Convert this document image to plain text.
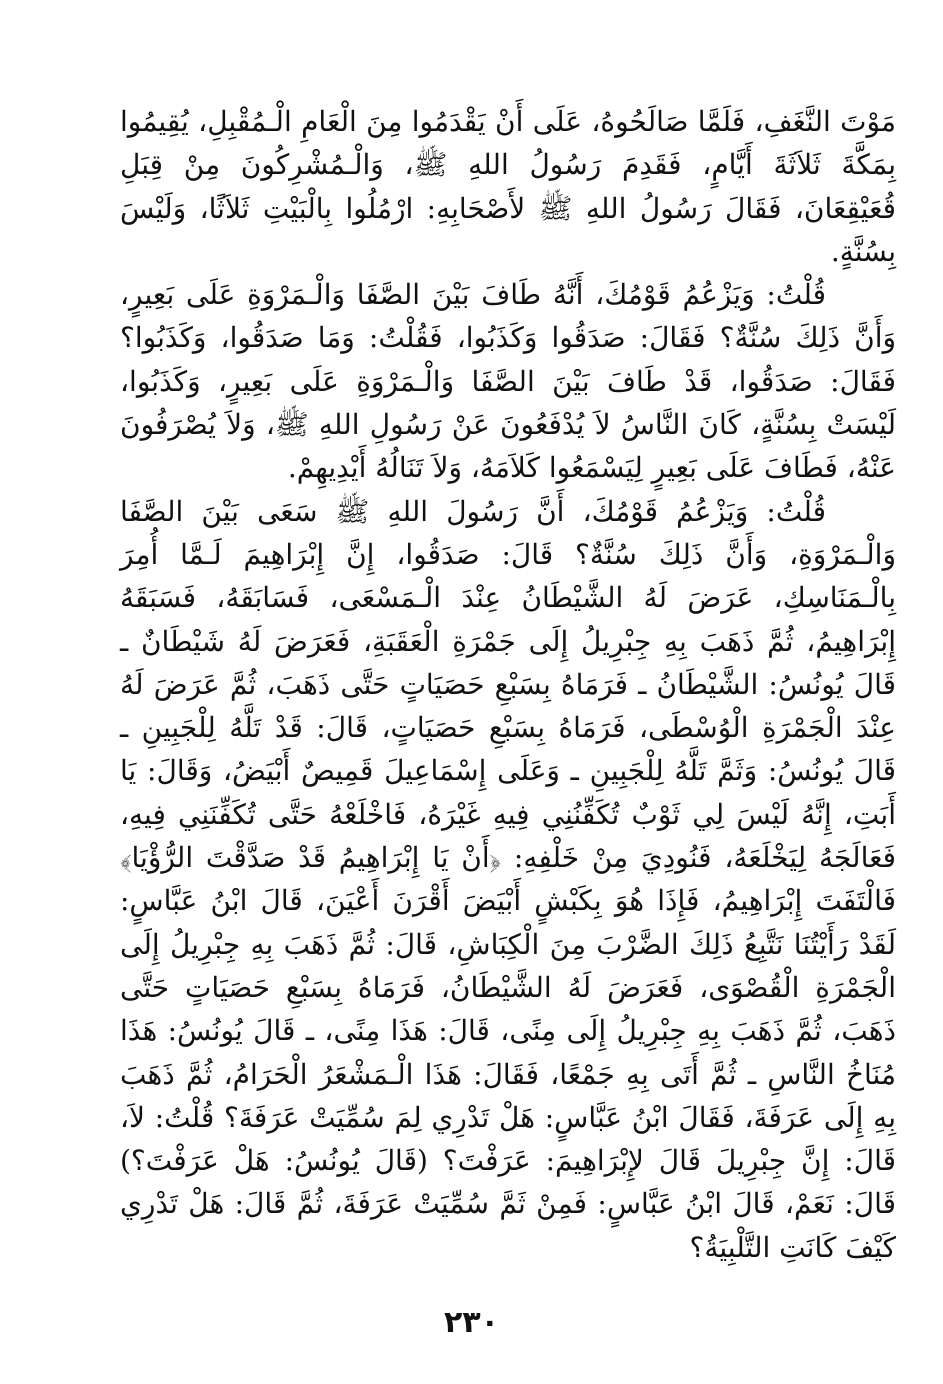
مَوْتَ النَّغَفِ، فَلَمَّا صَالَحُوهُ، عَلَى أَنْ يَقْدَمُوا مِنَ الْعَامِ الْـمُقْبِلِ، يُقِيمُوا بِمَكَّةَ ثَلاَثَةَ أَيَّامٍ، فَقَدِمَ رَسُولُ اللهِ ﷺ، وَالْـمُشْرِكُونَ مِنْ قِبَلِ قُعَيْقِعَانَ، فَقَالَ رَسُولُ اللهِ ﷺ لأَصْحَابِهِ: ارْمُلُوا بِالْبَيْتِ ثَلاَثًا، وَلَيْسَ بِسُنَّةٍ.

قُلْتُ: وَيَزْعُمُ قَوْمُكَ، أَنَّهُ طَافَ بَيْنَ الصَّفَا وَالْـمَرْوَةِ عَلَى بَعِيرٍ، وَأَنَّ ذَلِكَ سُنَّةٌ؟ فَقَالَ: صَدَقُوا وَكَذَبُوا، فَقُلْتُ: وَمَا صَدَقُوا، وَكَذَبُوا؟ فَقَالَ: صَدَقُوا، قَدْ طَافَ بَيْنَ الصَّفَا وَالْـمَرْوَةِ عَلَى بَعِيرٍ، وَكَذَبُوا، لَيْسَتْ بِسُنَّةٍ، كَانَ النَّاسُ لاَ يُدْفَعُونَ عَنْ رَسُولِ اللهِ ﷺ، وَلاَ يُصْرَفُونَ عَنْهُ، فَطَافَ عَلَى بَعِيرٍ لِيَسْمَعُوا كَلاَمَهُ، وَلاَ تَنَالُهُ أَيْدِيهِمْ.

قُلْتُ: وَيَزْعُمُ قَوْمُكَ، أَنَّ رَسُولَ اللهِ ﷺ سَعَى بَيْنَ الصَّفَا وَالْـمَرْوَةِ، وَأَنَّ ذَلِكَ سُنَّةٌ؟ قَالَ: صَدَقُوا، إِنَّ إِبْرَاهِيمَ لَـمَّا أُمِرَ بِالْـمَنَاسِكِ، عَرَضَ لَهُ الشَّيْطَانُ عِنْدَ الْـمَسْعَى، فَسَابَقَهُ، فَسَبَقَهُ إِبْرَاهِيمُ، ثُمَّ ذَهَبَ بِهِ جِبْرِيلُ إِلَى جَمْرَةِ الْعَقَبَةِ، فَعَرَضَ لَهُ شَيْطَانٌ ـ قَالَ يُونُسُ: الشَّيْطَانُ ـ فَرَمَاهُ بِسَبْعِ حَصَيَاتٍ حَتَّى ذَهَبَ، ثُمَّ عَرَضَ لَهُ عِنْدَ الْجَمْرَةِ الْوُسْطَى، فَرَمَاهُ بِسَبْعِ حَصَيَاتٍ، قَالَ: قَدْ تَلَّهُ لِلْجَبِينِ ـ قَالَ يُونُسُ: وَثَمَّ تَلَّهُ لِلْجَبِينِ ـ وَعَلَى إِسْمَاعِيلَ قَمِيصٌ أَبْيَضُ، وَقَالَ: يَا أَبَتِ، إِنَّهُ لَيْسَ لِي ثَوْبٌ تُكَفِّنُنِي فِيهِ غَيْرَهُ، فَاخْلَعْهُ حَتَّى تُكَفِّنَنِي فِيهِ، فَعَالَجَهُ لِيَخْلَعَهُ، فَنُودِيَ مِنْ خَلْفِهِ: ﴿أَنْ يَا إِبْرَاهِيمُ قَدْ صَدَّقْتَ الرُّؤْيَا﴾ فَالْتَفَتَ إِبْرَاهِيمُ، فَإِذَا هُوَ بِكَبْشٍ أَبْيَضَ أَقْرَنَ أَعْيَنَ، قَالَ ابْنُ عَبَّاسٍ: لَقَدْ رَأَيْتُنَا نَتَّبِعُ ذَلِكَ الضَّرْبَ مِنَ الْكِبَاشِ، قَالَ: ثُمَّ ذَهَبَ بِهِ جِبْرِيلُ إِلَى الْجَمْرَةِ الْقُصْوَى، فَعَرَضَ لَهُ الشَّيْطَانُ، فَرَمَاهُ بِسَبْعِ حَصَيَاتٍ حَتَّى ذَهَبَ، ثُمَّ ذَهَبَ بِهِ جِبْرِيلُ إِلَى مِنًى، قَالَ: هَذَا مِنًى، ـ قَالَ يُونُسُ: هَذَا مُنَاخُ النَّاسِ ـ ثُمَّ أَتَى بِهِ جَمْعًا، فَقَالَ: هَذَا الْـمَشْعَرُ الْحَرَامُ، ثُمَّ ذَهَبَ بِهِ إِلَى عَرَفَةَ، فَقَالَ ابْنُ عَبَّاسٍ: هَلْ تَدْرِي لِمَ سُمِّيَتْ عَرَفَةَ؟ قُلْتُ: لاَ، قَالَ: إِنَّ جِبْرِيلَ قَالَ لإِبْرَاهِيمَ: عَرَفْتَ؟ (قَالَ يُونُسُ: هَلْ عَرَفْتَ؟) قَالَ: نَعَمْ، قَالَ ابْنُ عَبَّاسٍ: فَمِنْ ثَمَّ سُمِّيَتْ عَرَفَةَ، ثُمَّ قَالَ: هَلْ تَدْرِي كَيْفَ كَانَتِ التَّلْبِيَةُ؟

٢٣٠
